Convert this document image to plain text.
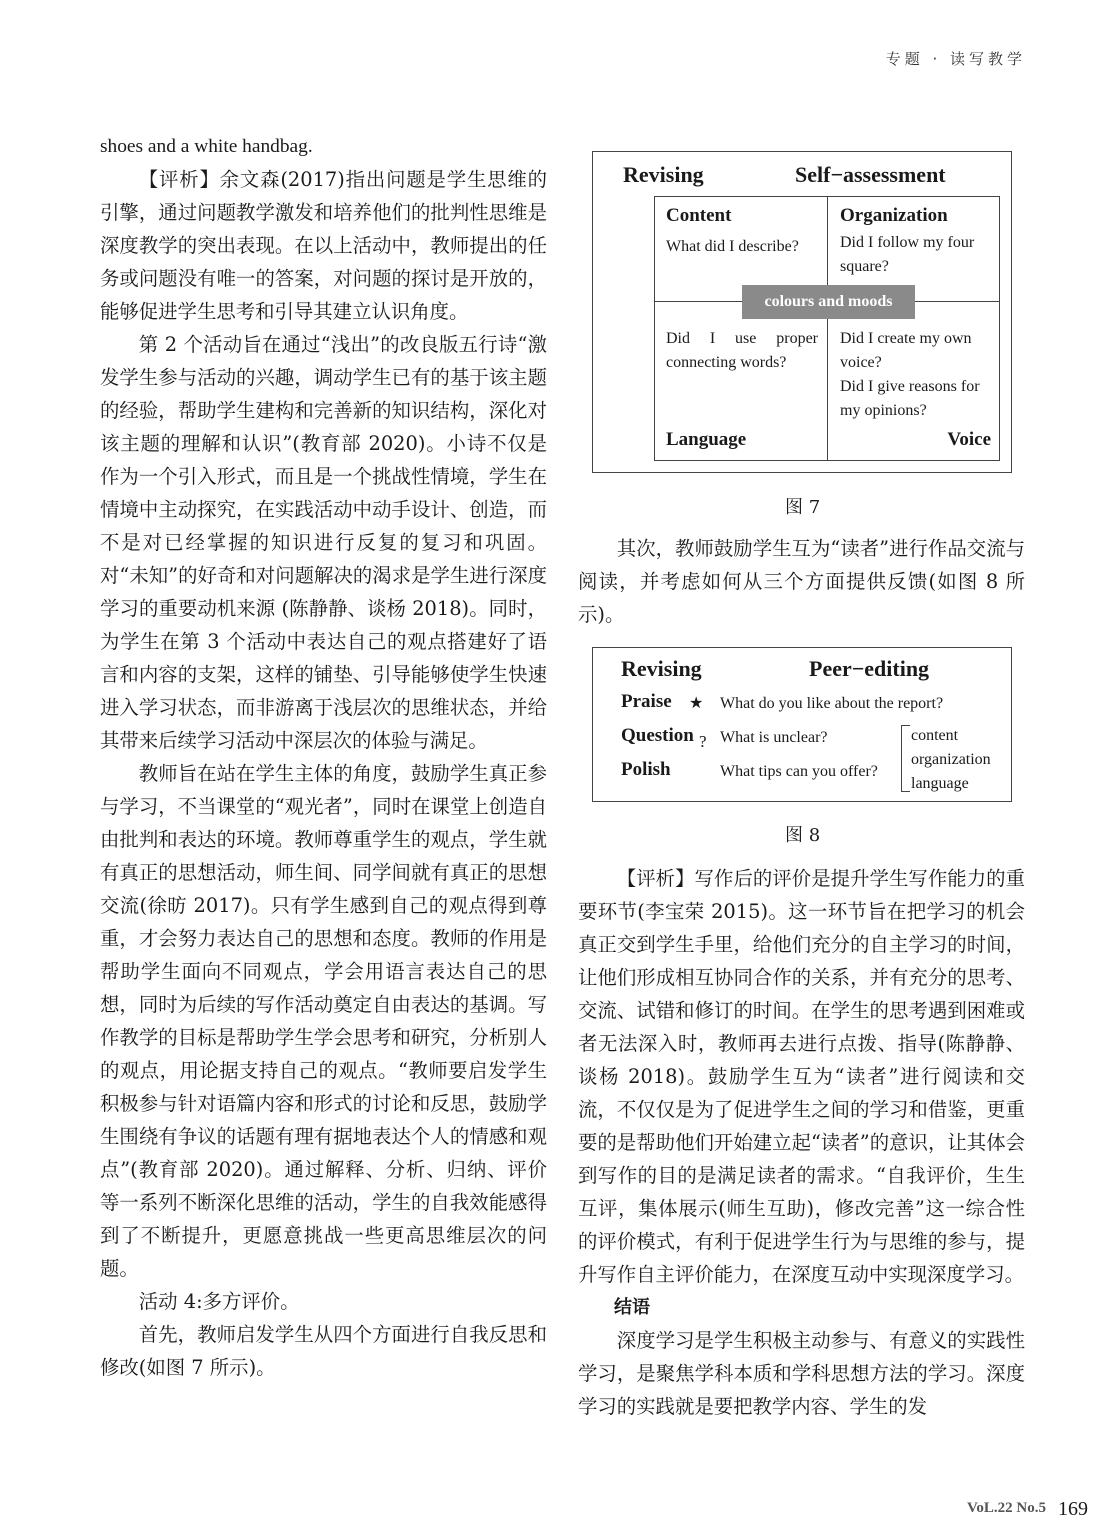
专题 · 读写教学

shoes and a white handbag.

【评析】余文森(2017)指出问题是学生思维的引擎，通过问题教学激发和培养他们的批判性思维是深度教学的突出表现。在以上活动中，教师提出的任务或问题没有唯一的答案，对问题的探讨是开放的，能够促进学生思考和引导其建立认识角度。

第 2 个活动旨在通过“浅出”的改良版五行诗“激发学生参与活动的兴趣，调动学生已有的基于该主题的经验，帮助学生建构和完善新的知识结构，深化对该主题的理解和认识”(教育部 2020)。小诗不仅是作为一个引入形式，而且是一个挑战性情境，学生在情境中主动探究，在实践活动中动手设计、创造，而不是对已经掌握的知识进行反复的复习和巩固。对“未知”的好奇和对问题解决的渴求是学生进行深度学习的重要动机来源 (陈静静、谈杨 2018)。同时，为学生在第 3 个活动中表达自己的观点搭建好了语言和内容的支架，这样的铺垫、引导能够使学生快速进入学习状态，而非游离于浅层次的思维状态，并给其带来后续学习活动中深层次的体验与满足。

教师旨在站在学生主体的角度，鼓励学生真正参与学习，不当课堂的“观光者”，同时在课堂上创造自由批判和表达的环境。教师尊重学生的观点，学生就有真正的思想活动，师生间、同学间就有真正的思想交流(徐昉 2017)。只有学生感到自己的观点得到尊重，才会努力表达自己的思想和态度。教师的作用是帮助学生面向不同观点，学会用语言表达自己的思想，同时为后续的写作活动奠定自由表达的基调。写作教学的目标是帮助学生学会思考和研究，分析别人的观点，用论据支持自己的观点。“教师要启发学生积极参与针对语篇内容和形式的讨论和反思，鼓励学生围绕有争议的话题有理有据地表达个人的情感和观点”(教育部 2020)。通过解释、分析、归纳、评价等一系列不断深化思维的活动，学生的自我效能感得到了不断提升，更愿意挑战一些更高思维层次的问题。

活动 4:多方评价。

首先，教师启发学生从四个方面进行自我反思和修改(如图 7 所示)。

Revising	Self−assessment
Content
What did I describe?
Organization
Did I follow my four square?
colours and moods
Did I use proper connecting words?
Language
Did I create my own voice?
Did I give reasons for my opinions?
Voice
图 7

其次，教师鼓励学生互为“读者”进行作品交流与阅读，并考虑如何从三个方面提供反馈(如图 8 所示)。

Revising	Peer−editing
Praise ★ What do you like about the report?
Question ? What is unclear?
Polish	What tips can you offer?
content
organization
language
图 8

【评析】写作后的评价是提升学生写作能力的重要环节(李宝荣 2015)。这一环节旨在把学习的机会真正交到学生手里，给他们充分的自主学习的时间，让他们形成相互协同合作的关系，并有充分的思考、交流、试错和修订的时间。在学生的思考遇到困难或者无法深入时，教师再去进行点拨、指导(陈静静、谈杨 2018)。鼓励学生互为“读者”进行阅读和交流，不仅仅是为了促进学生之间的学习和借鉴，更重要的是帮助他们开始建立起“读者”的意识，让其体会到写作的目的是满足读者的需求。“自我评价，生生互评，集体展示(师生互助)，修改完善”这一综合性的评价模式，有利于促进学生行为与思维的参与，提升写作自主评价能力，在深度互动中实现深度学习。

结语

深度学习是学生积极主动参与、有意义的实践性学习，是聚焦学科本质和学科思想方法的学习。深度学习的实践就是要把教学内容、学生的发

VoL.22 No.5 169
